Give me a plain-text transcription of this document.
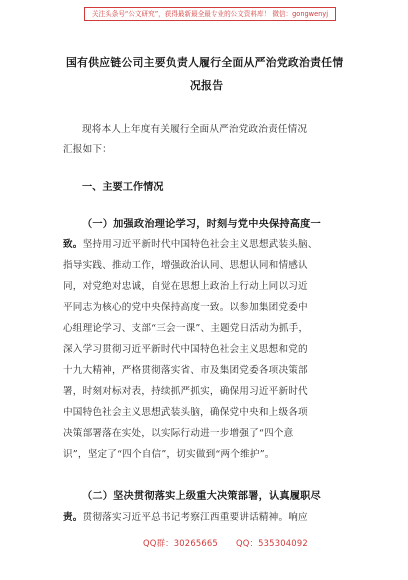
关注头条号“公文研究”，获得最新最全最专业的公文资料库！ 微信：gongwenyj
国有供应链公司主要负责人履行全面从严治党政治责任情
况报告
现将本人上年度有关履行全面从严治党政治责任情况
汇报如下：
一、主要工作情况
（一）加强政治理论学习，时刻与党中央保持高度一
致。坚持用习近平新时代中国特色社会主义思想武装头脑、
指导实践、推动工作，增强政治认同、思想认同和情感认
同，对党绝对忠诚，自觉在思想上政治上行动上同以习近
平同志为核心的党中央保持高度一致。以参加集团党委中
心组理论学习、支部“三会一课”、主题党日活动为抓手，
深入学习贯彻习近平新时代中国特色社会主义思想和党的
十九大精神，严格贯彻落实省、市及集团党委各项决策部
署，时刻对标对表，持续抓严抓实，确保用习近平新时代
中国特色社会主义思想武装头脑，确保党中央和上级各项
决策部署落在实处，以实际行动进一步增强了“四个意
识”，坚定了“四个自信”，切实做到“两个维护”。
（二）坚决贯彻落实上级重大决策部署，认真履职尽
责。贯彻落实习近平总书记考察江西重要讲话精神。响应
QQ群：30265665 QQ：535304092
